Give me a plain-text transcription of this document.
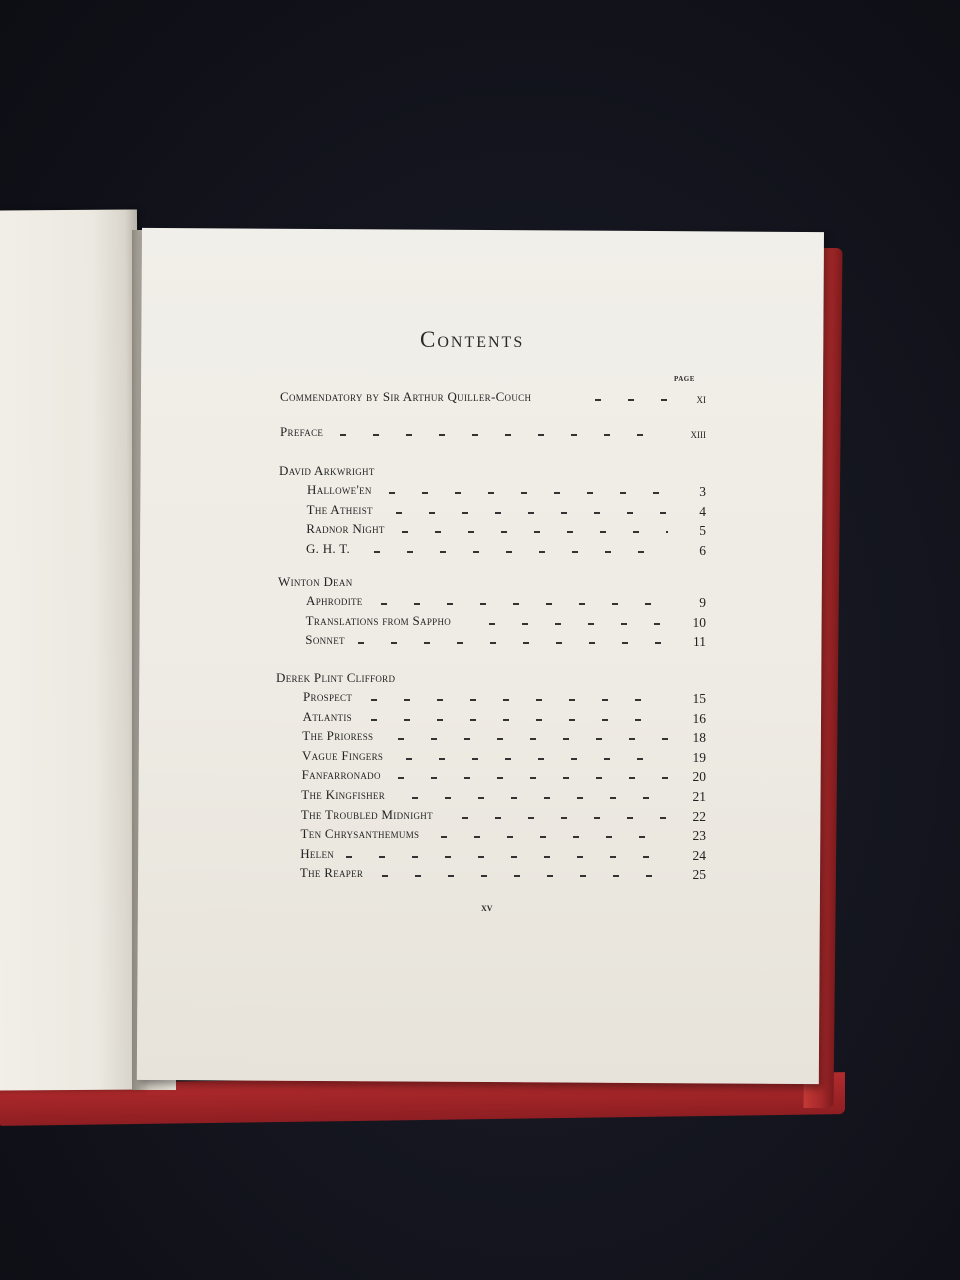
Contents
page
Commendatory by Sir Arthur Quiller-Couch	xi
Preface	xiii
David Arkwright
Hallowe'en	3
The Atheist	4
Radnor Night	5
G. H. T.	6
Winton Dean
Aphrodite	9
Translations from Sappho	10
Sonnet	11
Derek Plint Clifford
Prospect	15
Atlantis	16
The Prioress	18
Vague Fingers	19
Fanfarronado	20
The Kingfisher	21
The Troubled Midnight	22
Ten Chrysanthemums	23
Helen	24
The Reaper	25
xv
